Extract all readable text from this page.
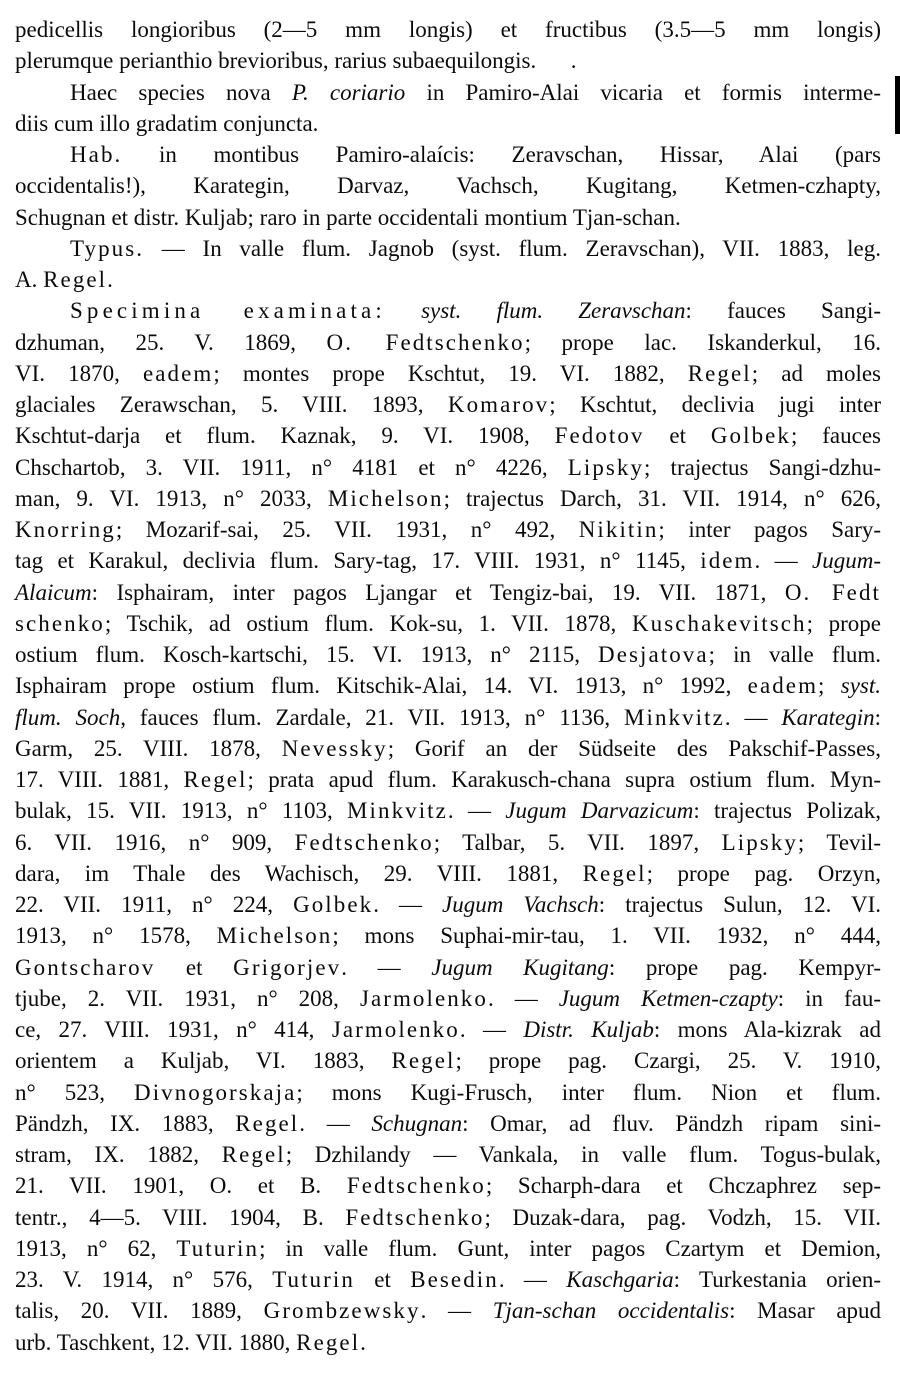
pedicellis longioribus (2—5 mm longis) et fructibus (3.5—5 mm longis)
plerumque perianthio brevioribus, rarius subaequilongis.  .
Haec species nova P. coriario in Pamiro-Alai vicaria et formis interme-
diis cum illo gradatim conjuncta.
Hab. in montibus Pamiro-alaícis: Zeravschan, Hissar, Alai (pars
occidentalis!), Karategin, Darvaz, Vachsch, Kugitang, Ketmen-czhapty,
Schugnan et distr. Kuljab; raro in parte occidentali montium Tjan-schan.
Typus. — In valle flum. Jagnob (syst. flum. Zeravschan), VII. 1883, leg.
A. Regel.
Specimina examinata: syst. flum. Zeravschan: fauces Sangi-
dzhuman, 25. V. 1869, O. Fedtschenko; prope lac. Iskanderkul, 16.
VI. 1870, eadem; montes prope Kschtut, 19. VI. 1882, Regel; ad moles
glaciales Zerawschan, 5. VIII. 1893, Komarov; Kschtut, declivia jugi inter
Kschtut-darja et flum. Kaznak, 9. VI. 1908, Fedotov et Golbek; fauces
Chschartob, 3. VII. 1911, n° 4181 et n° 4226, Lipsky; trajectus Sangi-dzhu-
man, 9. VI. 1913, n° 2033, Michelson; trajectus Darch, 31. VII. 1914, n° 626,
Knorring; Mozarif-sai, 25. VII. 1931, n° 492, Nikitin; inter pagos Sary-
tag et Karakul, declivia flum. Sary-tag, 17. VIII. 1931, n° 1145, idem. — Jugum-
Alaicum: Isphairam, inter pagos Ljangar et Tengiz-bai, 19. VII. 1871, O. Fedt
schenko; Tschik, ad ostium flum. Kok-su, 1. VII. 1878, Kuschakevitsch; prope
ostium flum. Kosch-kartschi, 15. VI. 1913, n° 2115, Desjatova; in valle flum.
Isphairam prope ostium flum. Kitschik-Alai, 14. VI. 1913, n° 1992, eadem; syst.
flum. Soch, fauces flum. Zardale, 21. VII. 1913, n° 1136, Minkvitz. — Karategin:
Garm, 25. VIII. 1878, Nevessky; Gorif an der Südseite des Pakschif-Passes,
17. VIII. 1881, Regel; prata apud flum. Karakusch-chana supra ostium flum. Myn-
bulak, 15. VII. 1913, n° 1103, Minkvitz. — Jugum Darvazicum: trajectus Polizak,
6. VII. 1916, n° 909, Fedtschenko; Talbar, 5. VII. 1897, Lipsky; Tevil-
dara, im Thale des Wachisch, 29. VIII. 1881, Regel; prope pag. Orzyn,
22. VII. 1911, n° 224, Golbek. — Jugum Vachsch: trajectus Sulun, 12. VI.
1913, n° 1578, Michelson; mons Suphai-mir-tau, 1. VII. 1932, n° 444,
Gontscharov et Grigorjev. — Jugum Kugitang: prope pag. Kempyr-
tjube, 2. VII. 1931, n° 208, Jarmolenko. — Jugum Ketmen-czapty: in fau-
ce, 27. VIII. 1931, n° 414, Jarmolenko. — Distr. Kuljab: mons Ala-kizrak ad
orientem a Kuljab, VI. 1883, Regel; prope pag. Czargi, 25. V. 1910,
n° 523, Divnogorskaja; mons Kugi-Frusch, inter flum. Nion et flum.
Pändzh, IX. 1883, Regel. — Schugnan: Omar, ad fluv. Pändzh ripam sini-
stram, IX. 1882, Regel; Dzhilandy — Vankala, in valle flum. Togus-bulak,
21. VII. 1901, O. et B. Fedtschenko; Scharph-dara et Chczaphrez sep-
tentr., 4—5. VIII. 1904, B. Fedtschenko; Duzak-dara, pag. Vodzh, 15. VII.
1913, n° 62, Tuturin; in valle flum. Gunt, inter pagos Czartym et Demion,
23. V. 1914, n° 576, Tuturin et Besedin. — Kaschgaria: Turkestania orien-
talis, 20. VII. 1889, Grombzewsky. — Tjan-schan occidentalis: Masar apud
urb. Taschkent, 12. VII. 1880, Regel.
